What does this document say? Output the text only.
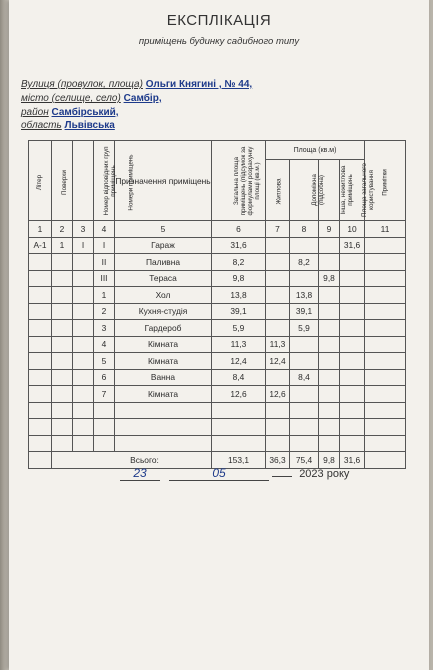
ЕКСПЛІКАЦІЯ
приміщень будинку садибного типу
Вулиця (провулок, площа) Ольги Княгині , № 44,
місто (селище, село) Самбір,
район Самбірський,
область Львівська
Літер	Поверхи	Номер відповідних груп приміщень	Номери приміщень	Призначення приміщень	Загальна площа приміщень (підсумок за формулами розрахунку площі (кв.м.)	Площа (кв.м)				Примітки
						Житлова	Допоміжна (підсобна)	Інша, нежитлова приміщень	Площа загального користування	
1	2	3	4	5	6	7	8	9	10	11
А-1	1	І	І	Гараж	31,6				31,6	
			ІІ	Паливна	8,2		8,2			
			ІІІ	Тераса	9,8			9,8		
			1	Хол	13,8		13,8			
			2	Кухня-студія	39,1		39,1			
			3	Гардероб	5,9		5,9			
			4	Кімната	11,3	11,3				
			5	Кімната	12,4	12,4				
			6	Ванна	8,4		8,4			
			7	Кімната	12,6	12,6				

	Всього:				153,1	36,3	75,4	9,8	31,6	
23	05	2023 року
